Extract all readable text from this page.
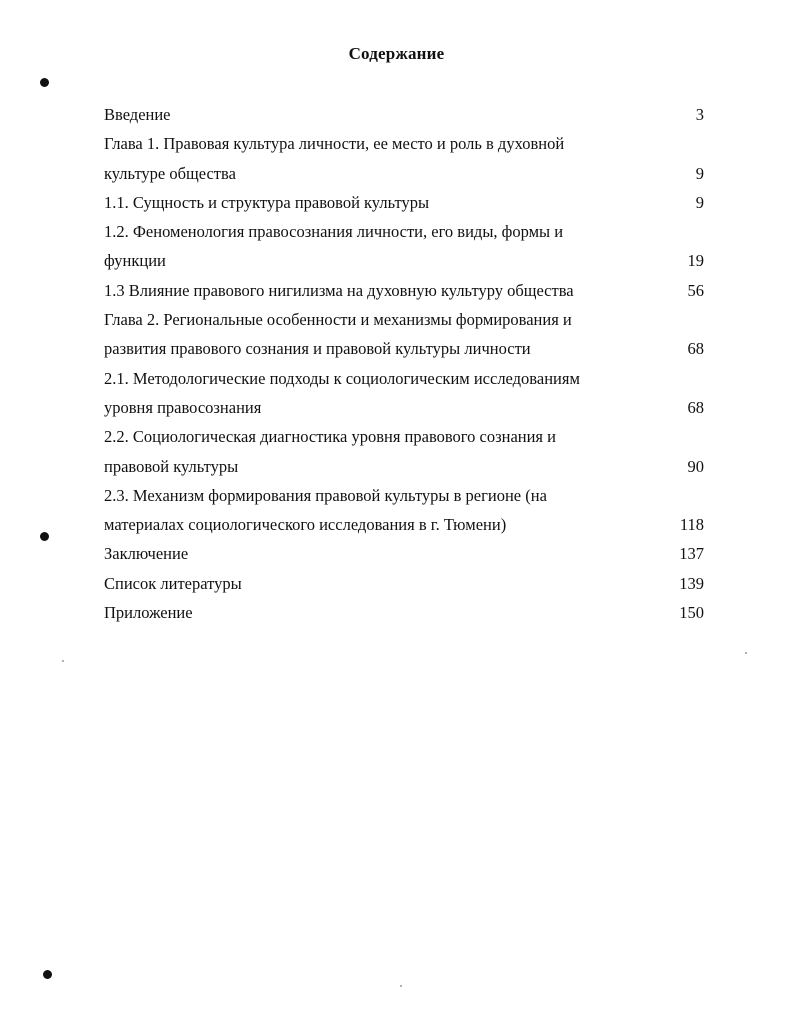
Содержание
Введение	3
Глава 1. Правовая культура личности, ее место и роль в духовной
культуре общества	9
1.1. Сущность и структура правовой культуры	9
1.2. Феноменология правосознания личности, его виды, формы и
функции	19
1.3 Влияние правового нигилизма на духовную культуру общества	56
Глава 2. Региональные особенности и механизмы формирования и
развития правового сознания и правовой культуры личности	68
2.1. Методологические подходы к социологическим исследованиям
уровня правосознания	68
2.2. Социологическая диагностика уровня правового сознания и
правовой культуры	90
2.3. Механизм формирования правовой культуры в регионе (на
материалах социологического исследования в г. Тюмени)	118
Заключение	137
Список литературы	139
Приложение	150
